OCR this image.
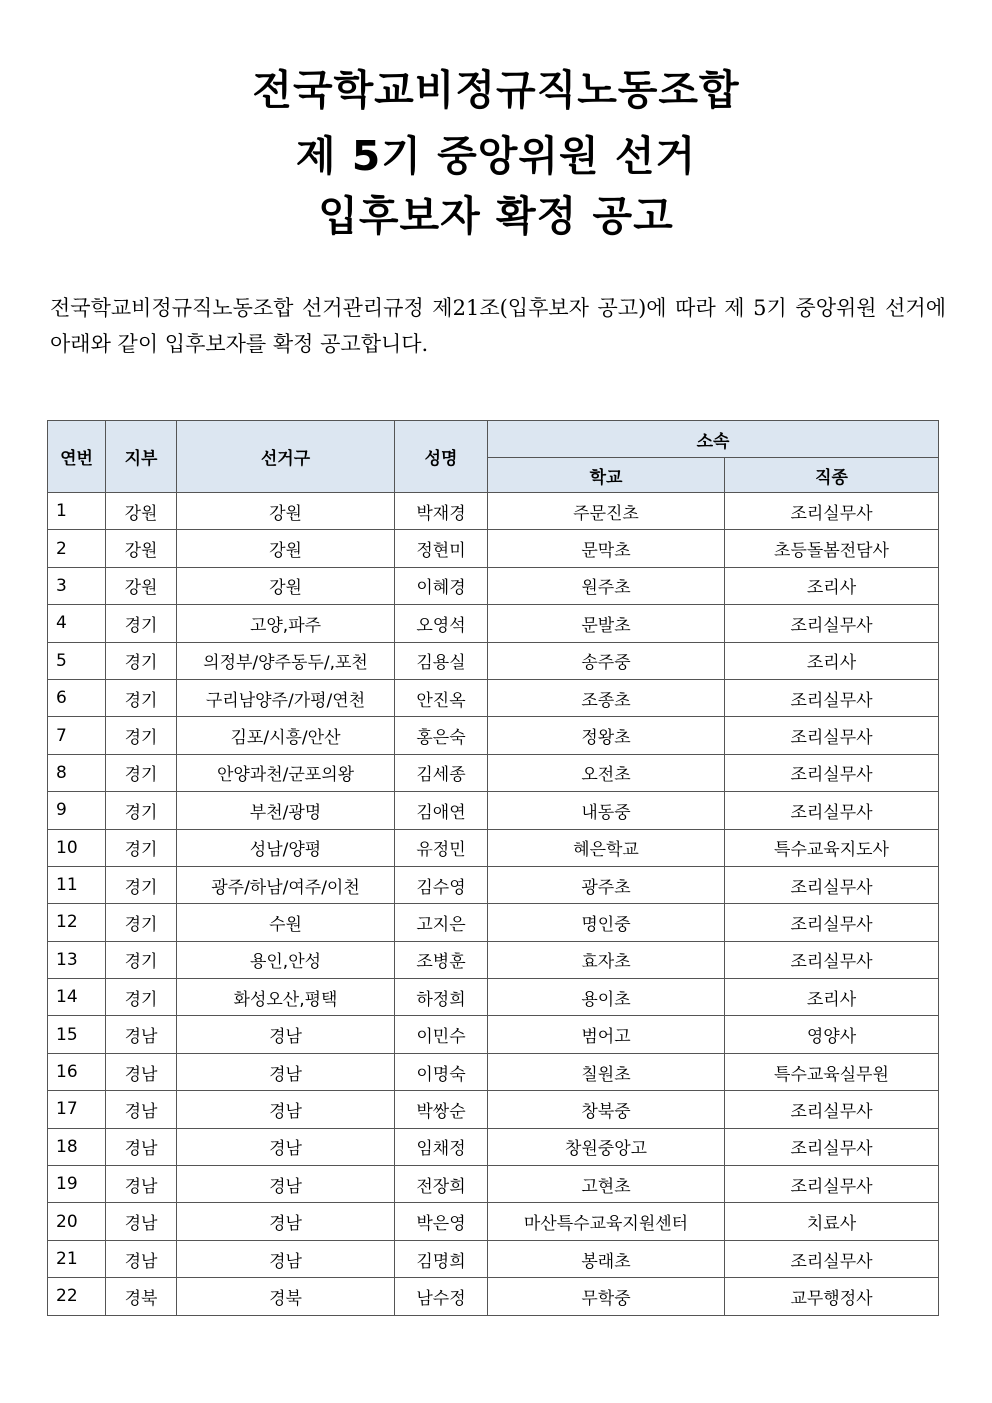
전국학교비정규직노동조합
제 5기 중앙위원 선거
입후보자 확정 공고
전국학교비정규직노동조합 선거관리규정 제21조(입후보자 공고)에 따라 제 5기 중앙위원 선거에 아래와 같이 입후보자를 확정 공고합니다.
연번	지부	선거구	성명	소속	
				학교	직종
1	강원	강원	박재경	주문진초	조리실무사
2	강원	강원	정현미	문막초	초등돌봄전담사
3	강원	강원	이혜경	원주초	조리사
4	경기	고양,파주	오영석	문발초	조리실무사
5	경기	의정부/양주동두/,포천	김용실	송주중	조리사
6	경기	구리남양주/가평/연천	안진옥	조종초	조리실무사
7	경기	김포/시흥/안산	홍은숙	정왕초	조리실무사
8	경기	안양과천/군포의왕	김세종	오전초	조리실무사
9	경기	부천/광명	김애연	내동중	조리실무사
10	경기	성남/양평	유정민	혜은학교	특수교육지도사
11	경기	광주/하남/여주/이천	김수영	광주초	조리실무사
12	경기	수원	고지은	명인중	조리실무사
13	경기	용인,안성	조병훈	효자초	조리실무사
14	경기	화성오산,평택	하정희	용이초	조리사
15	경남	경남	이민수	범어고	영양사
16	경남	경남	이명숙	칠원초	특수교육실무원
17	경남	경남	박쌍순	창북중	조리실무사
18	경남	경남	임채정	창원중앙고	조리실무사
19	경남	경남	전장희	고현초	조리실무사
20	경남	경남	박은영	마산특수교육지원센터	치료사
21	경남	경남	김명희	봉래초	조리실무사
22	경북	경북	남수정	무학중	교무행정사
